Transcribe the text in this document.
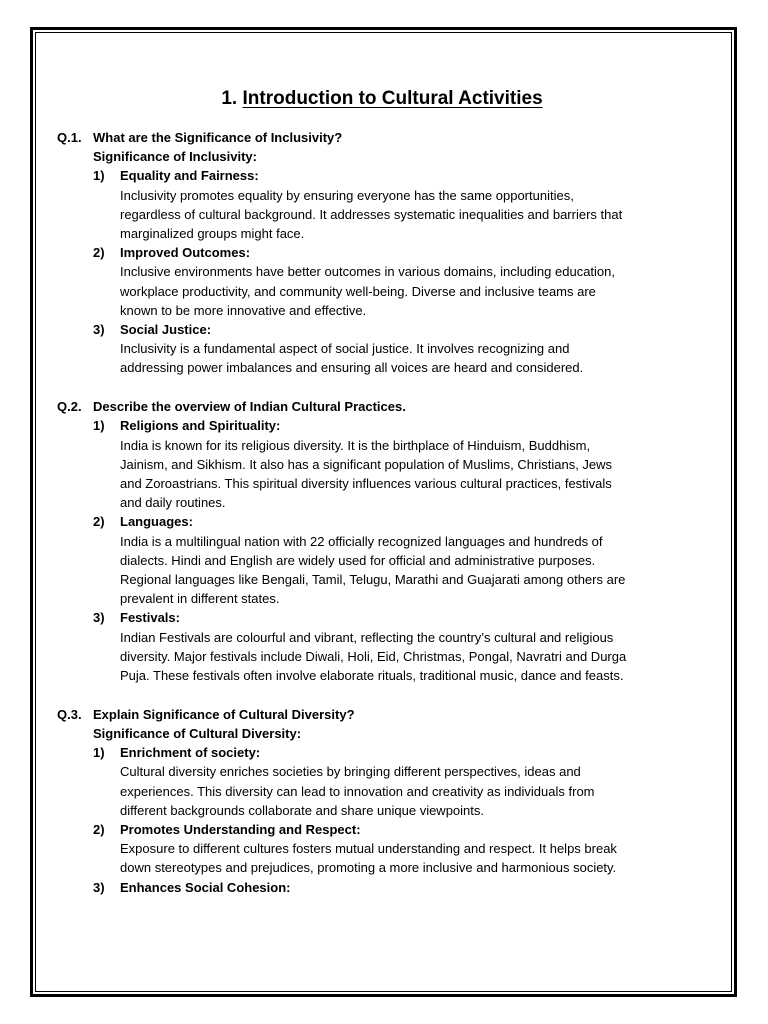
1. Introduction to Cultural Activities
Q.1. What are the Significance of Inclusivity?
Significance of Inclusivity:
1) Equality and Fairness:
Inclusivity promotes equality by ensuring everyone has the same opportunities,
regardless of cultural background. It addresses systematic inequalities and barriers that
marginalized groups might face.
2) Improved Outcomes:
Inclusive environments have better outcomes in various domains, including education,
workplace productivity, and community well-being. Diverse and inclusive teams are
known to be more innovative and effective.
3) Social Justice:
Inclusivity is a fundamental aspect of social justice. It involves recognizing and
addressing power imbalances and ensuring all voices are heard and considered.
Q.2. Describe the overview of Indian Cultural Practices.
1) Religions and Spirituality:
India is known for its religious diversity. It is the birthplace of Hinduism, Buddhism,
Jainism, and Sikhism. It also has a significant population of Muslims, Christians, Jews
and Zoroastrians. This spiritual diversity influences various cultural practices, festivals
and daily routines.
2) Languages:
India is a multilingual nation with 22 officially recognized languages and hundreds of
dialects. Hindi and English are widely used for official and administrative purposes.
Regional languages like Bengali, Tamil, Telugu, Marathi and Guajarati among others are
prevalent in different states.
3) Festivals:
Indian Festivals are colourful and vibrant, reflecting the country’s cultural and religious
diversity. Major festivals include Diwali, Holi, Eid, Christmas, Pongal, Navratri and Durga
Puja. These festivals often involve elaborate rituals, traditional music, dance and feasts.
Q.3. Explain Significance of Cultural Diversity?
Significance of Cultural Diversity:
1) Enrichment of society:
Cultural diversity enriches societies by bringing different perspectives, ideas and
experiences. This diversity can lead to innovation and creativity as individuals from
different backgrounds collaborate and share unique viewpoints.
2) Promotes Understanding and Respect:
Exposure to different cultures fosters mutual understanding and respect. It helps break
down stereotypes and prejudices, promoting a more inclusive and harmonious society.
3) Enhances Social Cohesion:
